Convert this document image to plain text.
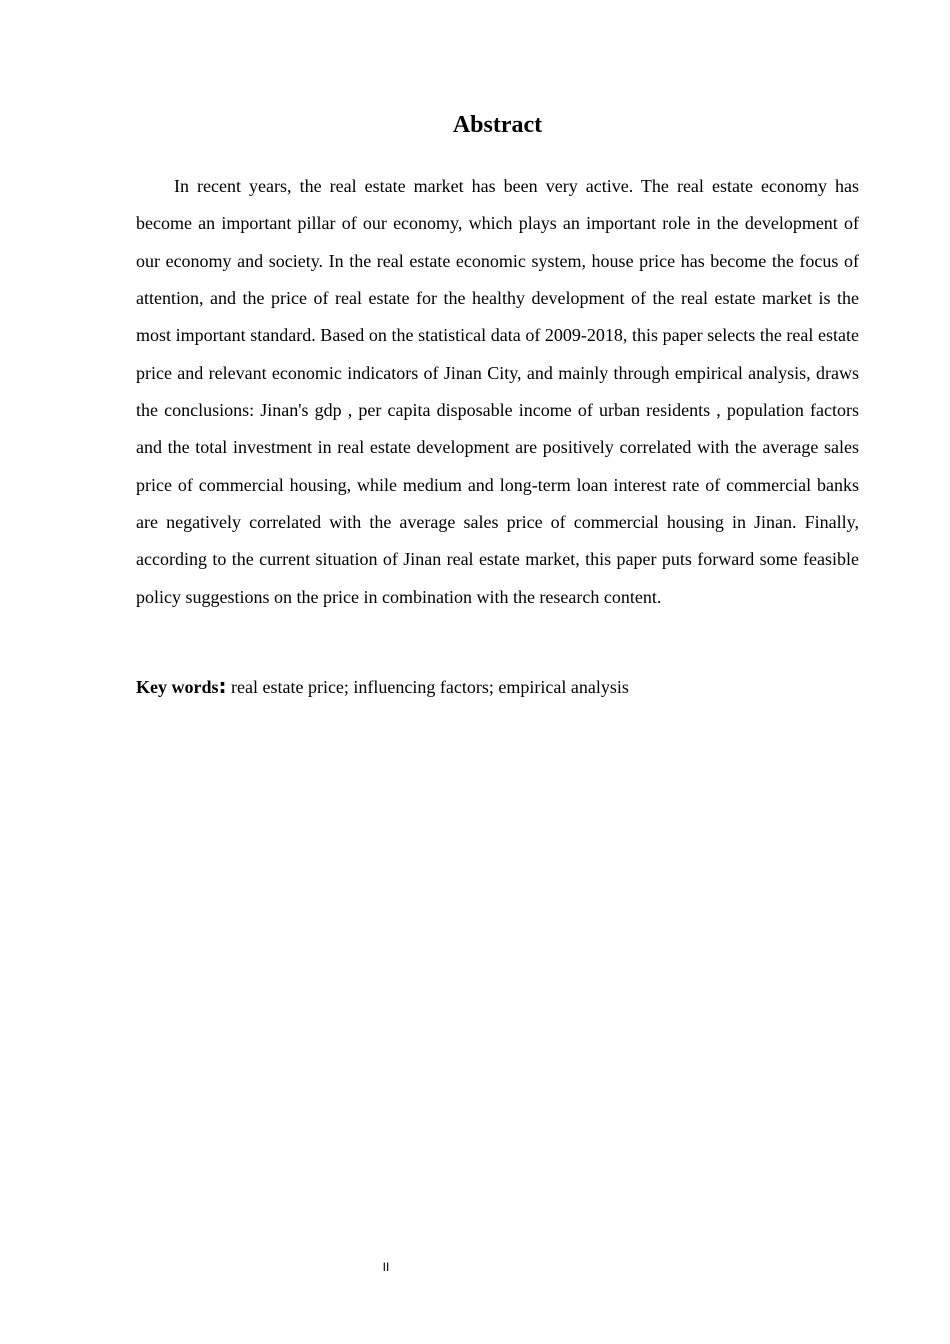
Abstract

In recent years, the real estate market has been very active. The real estate economy has become an important pillar of our economy, which plays an important role in the development of our economy and society. In the real estate economic system, house price has become the focus of attention, and the price of real estate for the healthy development of the real estate market is the most important standard. Based on the statistical data of 2009-2018, this paper selects the real estate price and relevant economic indicators of Jinan City, and mainly through empirical analysis, draws the conclusions: Jinan's gdp , per capita disposable income of urban residents , population factors and the total investment in real estate development are positively correlated with the average sales price of commercial housing, while medium and long-term loan interest rate of commercial banks are negatively correlated with the average sales price of commercial housing in Jinan. Finally, according to the current situation of Jinan real estate market, this paper puts forward some feasible policy suggestions on the price in combination with the research content.

Key words: real estate price; influencing factors; empirical analysis

II
